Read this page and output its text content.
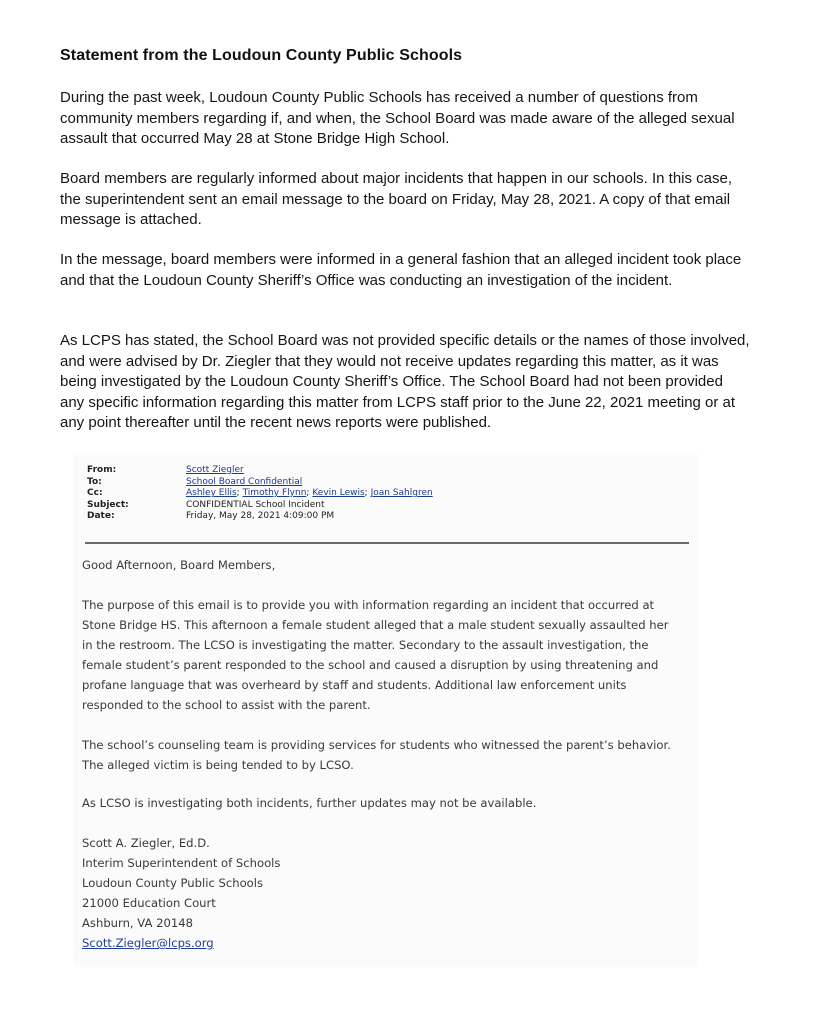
Statement from the Loudoun County Public Schools

During the past week, Loudoun County Public Schools has received a number of questions from community members regarding if, and when, the School Board was made aware of the alleged sexual assault that occurred May 28 at Stone Bridge High School.

Board members are regularly informed about major incidents that happen in our schools. In this case, the superintendent sent an email message to the board on Friday, May 28, 2021. A copy of that email message is attached.

In the message, board members were informed in a general fashion that an alleged incident took place and that the Loudoun County Sheriff’s Office was conducting an investigation of the incident.

As LCPS has stated, the School Board was not provided specific details or the names of those involved, and were advised by Dr. Ziegler that they would not receive updates regarding this matter, as it was being investigated by the Loudoun County Sheriff’s Office. The School Board had not been provided any specific information regarding this matter from LCPS staff prior to the June 22, 2021 meeting or at any point thereafter until the recent news reports were published.

From:	Scott Ziegler
To:	School Board Confidential
Cc:	Ashley Ellis; Timothy Flynn; Kevin Lewis; Joan Sahlgren
Subject:	CONFIDENTIAL School Incident
Date:	Friday, May 28, 2021 4:09:00 PM

Good Afternoon, Board Members,

The purpose of this email is to provide you with information regarding an incident that occurred at Stone Bridge HS. This afternoon a female student alleged that a male student sexually assaulted her in the restroom. The LCSO is investigating the matter. Secondary to the assault investigation, the female student’s parent responded to the school and caused a disruption by using threatening and profane language that was overheard by staff and students. Additional law enforcement units responded to the school to assist with the parent.

The school’s counseling team is providing services for students who witnessed the parent’s behavior. The alleged victim is being tended to by LCSO.

As LCSO is investigating both incidents, further updates may not be available.

Scott A. Ziegler, Ed.D.
Interim Superintendent of Schools
Loudoun County Public Schools
21000 Education Court
Ashburn, VA 20148
Scott.Ziegler@lcps.org
